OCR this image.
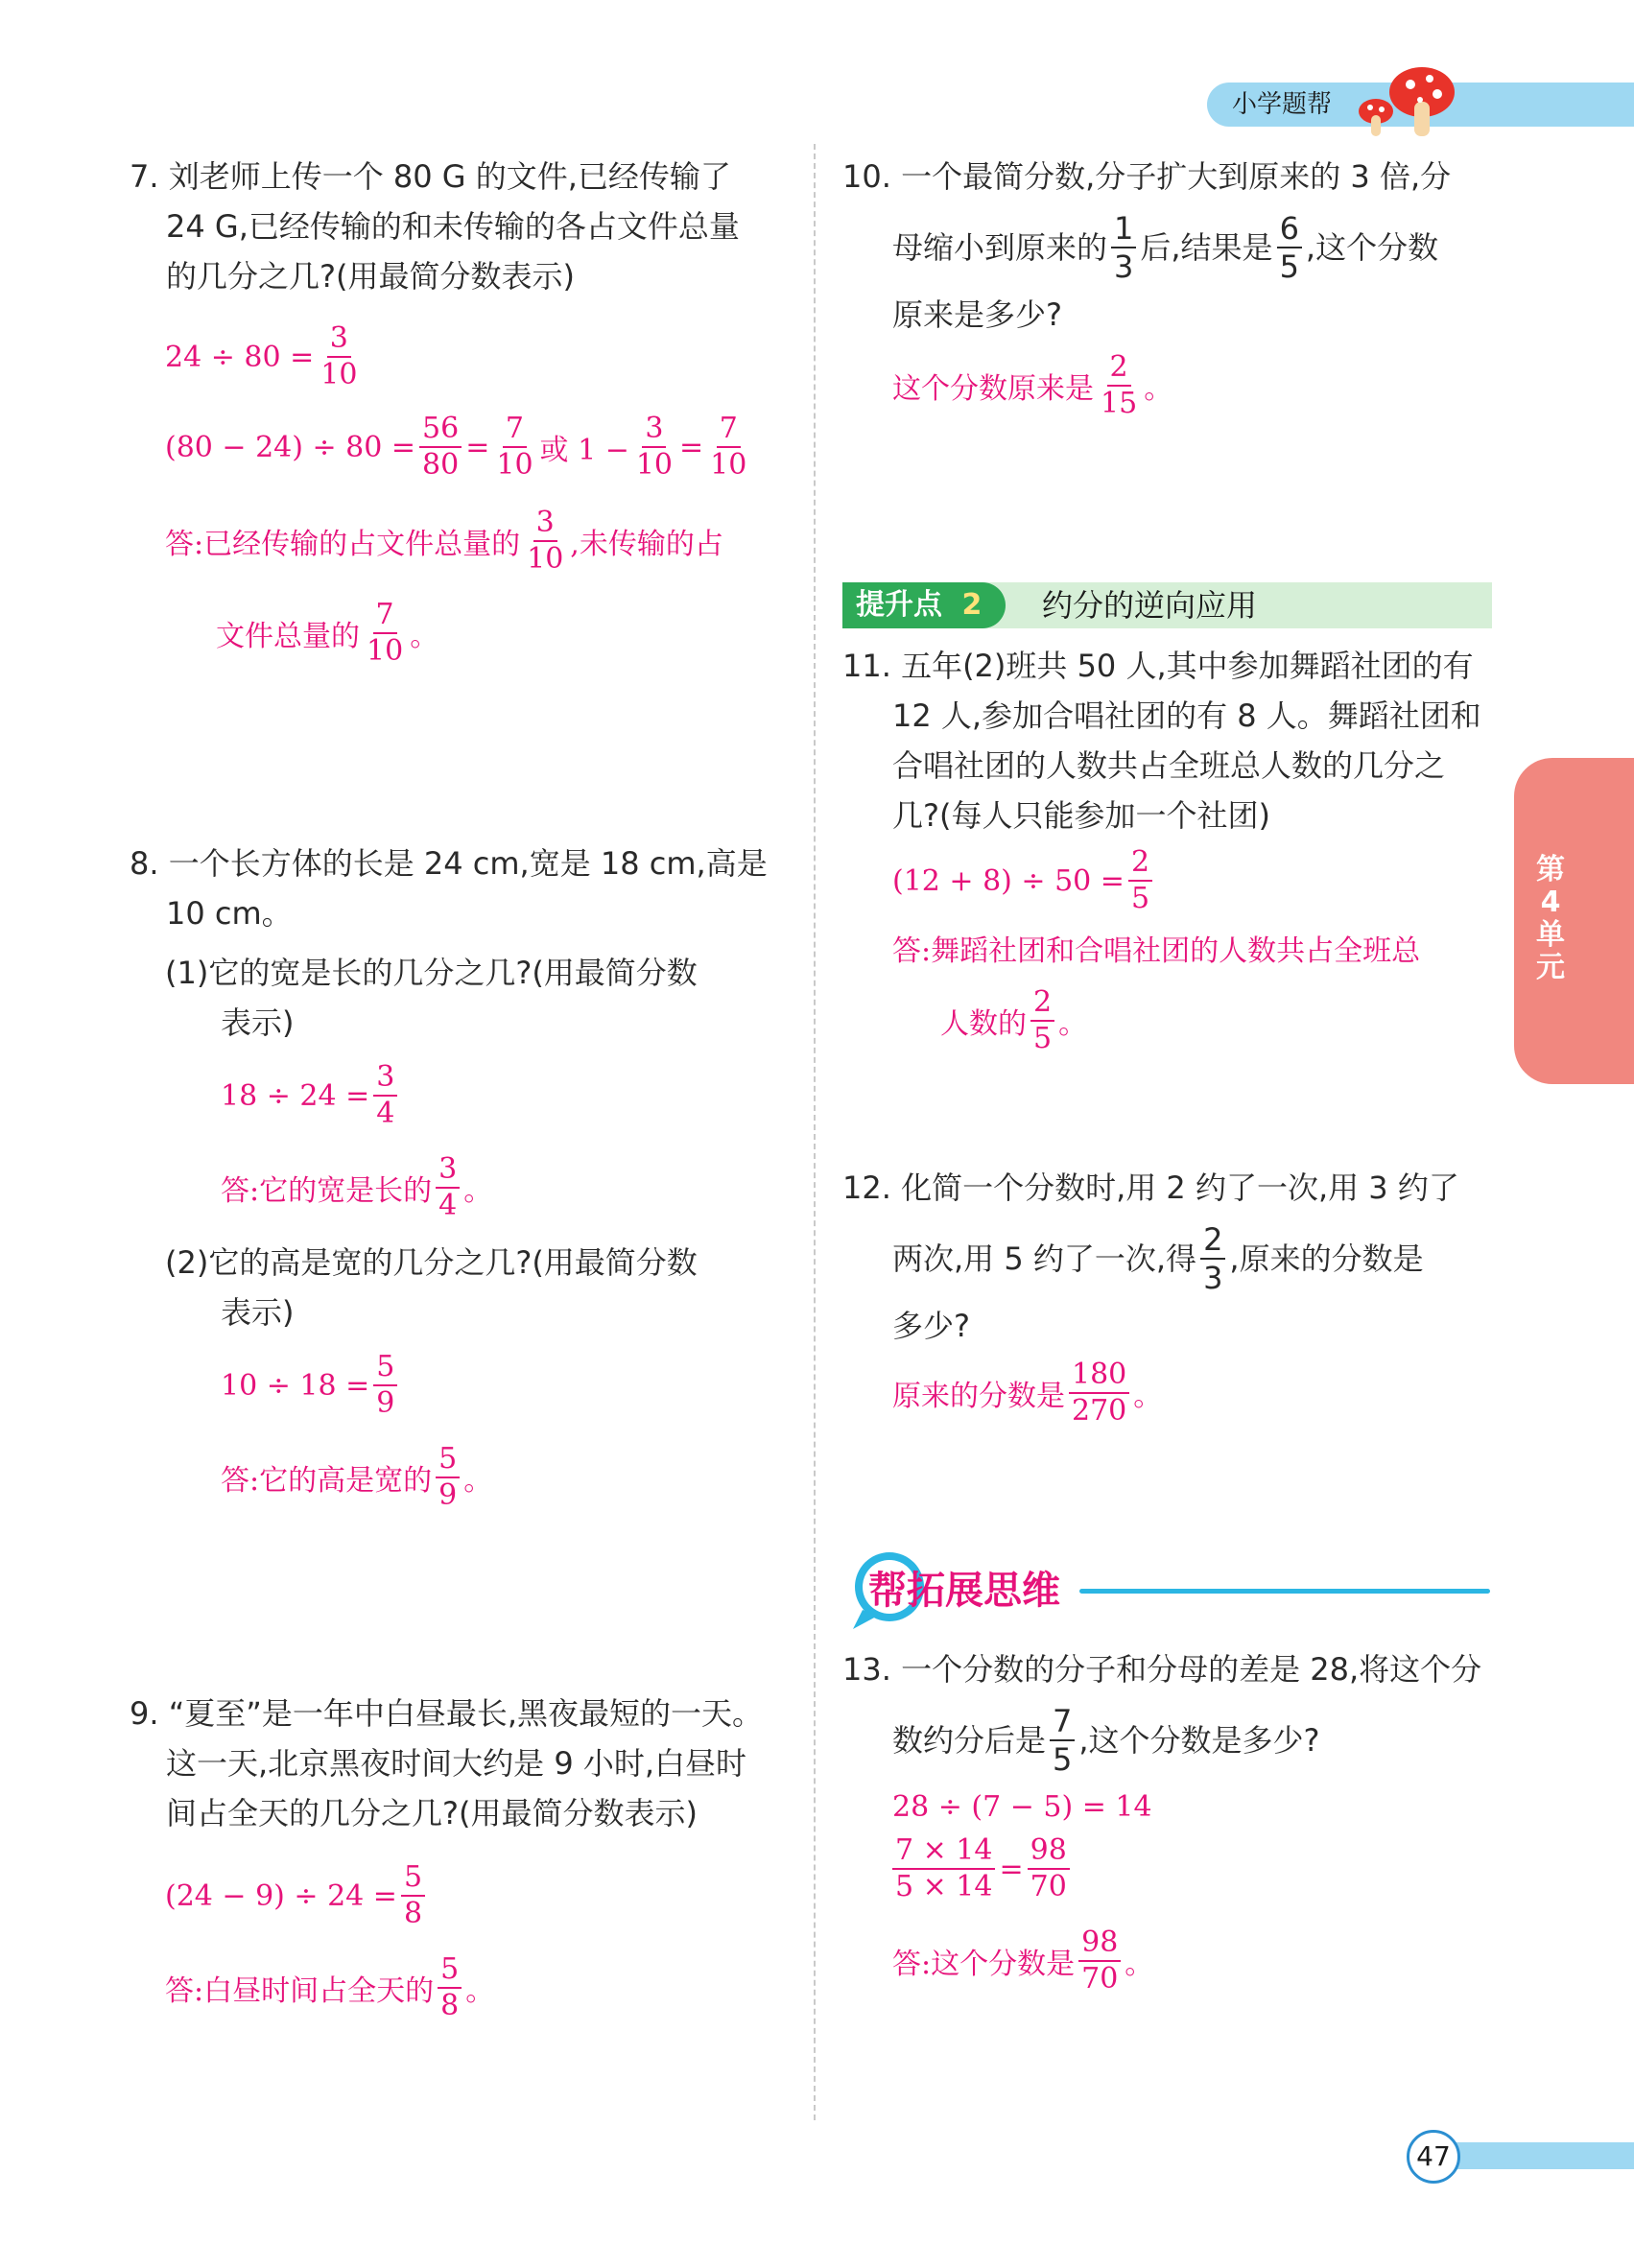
小学题帮
第4单元
7. 刘老师上传一个 80 G 的文件,已经传输了
24 G,已经传输的和未传输的各占文件总量
的几分之几?(用最简分数表示)
$24 \div 80 = \frac{3}{10}$
$(80 - 24) \div 80 = \frac{56}{80} = \frac{7}{10}$ 或 $1 - \frac{3}{10} = \frac{7}{10}$
答:已经传输的占文件总量的 $\frac{3}{10}$ ,未传输的占
文件总量的 $\frac{7}{10}$ 。
8. 一个长方体的长是 24 cm,宽是 18 cm,高是
10 cm。
(1)它的宽是长的几分之几?(用最简分数
表示)
$18 \div 24 = \frac{3}{4}$
答:它的宽是长的 $\frac{3}{4}$ 。
(2)它的高是宽的几分之几?(用最简分数
表示)
$10 \div 18 = \frac{5}{9}$
答:它的高是宽的 $\frac{5}{9}$ 。
9. “夏至”是一年中白昼最长,黑夜最短的一天。
这一天,北京黑夜时间大约是 9 小时,白昼时
间占全天的几分之几?(用最简分数表示)
$(24 - 9) \div 24 = \frac{5}{8}$
答:白昼时间占全天的 $\frac{5}{8}$ 。
10. 一个最简分数,分子扩大到原来的 3 倍,分
母缩小到原来的 $\frac{1}{3}$ 后,结果是 $\frac{6}{5}$ ,这个分数
原来是多少?
这个分数原来是 $\frac{2}{15}$ 。
提升点 2	约分的逆向应用
11. 五年(2)班共 50 人,其中参加舞蹈社团的有
12 人,参加合唱社团的有 8 人。舞蹈社团和
合唱社团的人数共占全班总人数的几分之
几?(每人只能参加一个社团)
$(12 + 8) \div 50 = \frac{2}{5}$
答:舞蹈社团和合唱社团的人数共占全班总
人数的 $\frac{2}{5}$ 。
12. 化简一个分数时,用 2 约了一次,用 3 约了
两次,用 5 约了一次,得 $\frac{2}{3}$ ,原来的分数是
多少?
原来的分数是 $\frac{180}{270}$ 。
帮拓展思维
13. 一个分数的分子和分母的差是 28,将这个分
数约分后是 $\frac{7}{5}$ ,这个分数是多少?
28 ÷ (7 − 5) = 14
$\frac{7 \times 14}{5 \times 14} = \frac{98}{70}$
答:这个分数是 $\frac{98}{70}$ 。
47
